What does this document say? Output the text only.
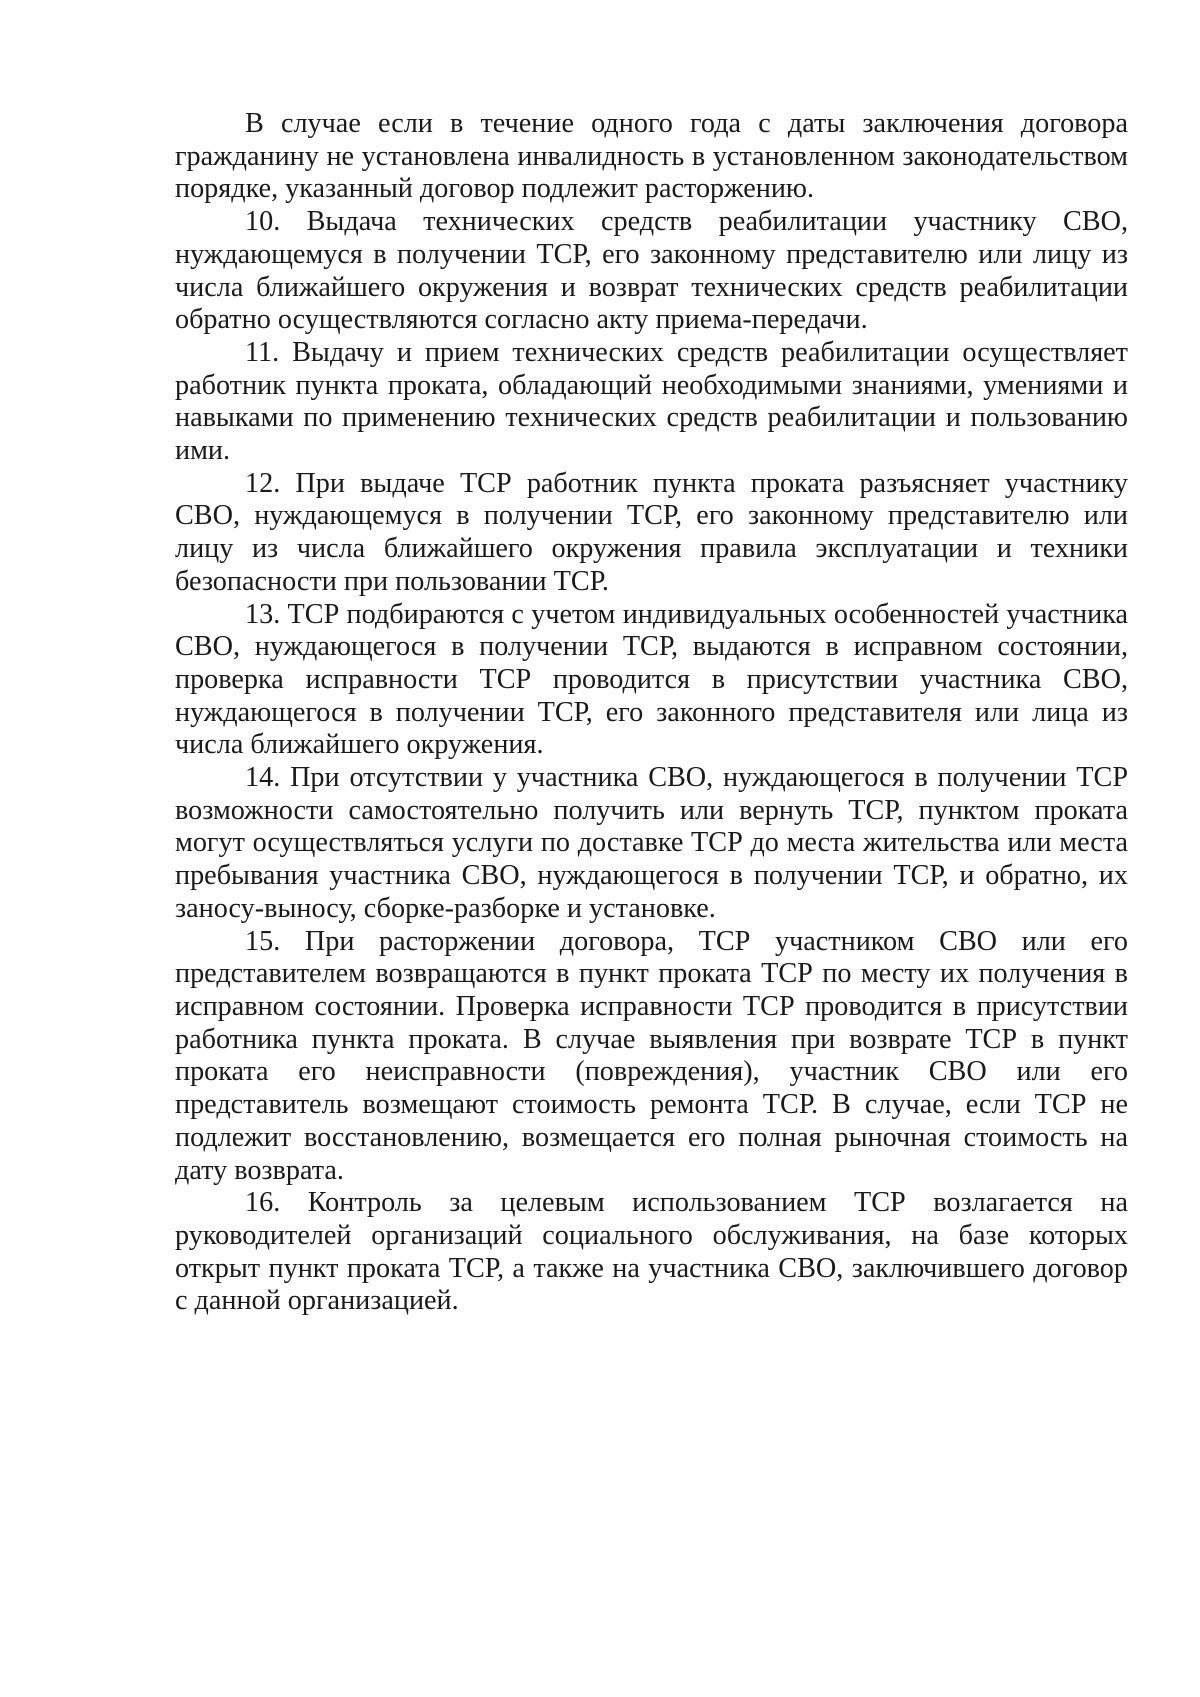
В случае если в течение одного года с даты заключения договора гражданину не установлена инвалидность в установленном законодательством порядке, указанный договор подлежит расторжению.

10. Выдача технических средств реабилитации участнику СВО, нуждающемуся в получении ТСР, его законному представителю или лицу из числа ближайшего окружения и возврат технических средств реабилитации обратно осуществляются согласно акту приема-передачи.

11. Выдачу и прием технических средств реабилитации осуществляет работник пункта проката, обладающий необходимыми знаниями, умениями и навыками по применению технических средств реабилитации и пользованию ими.

12. При выдаче ТСР работник пункта проката разъясняет участнику СВО, нуждающемуся в получении ТСР, его законному представителю или лицу из числа ближайшего окружения правила эксплуатации и техники безопасности при пользовании ТСР.

13. ТСР подбираются с учетом индивидуальных особенностей участника СВО, нуждающегося в получении ТСР, выдаются в исправном состоянии, проверка исправности ТСР проводится в присутствии участника СВО, нуждающегося в получении ТСР, его законного представителя или лица из числа ближайшего окружения.

14. При отсутствии у участника СВО, нуждающегося в получении ТСР возможности самостоятельно получить или вернуть ТСР, пунктом проката могут осуществляться услуги по доставке ТСР до места жительства или места пребывания участника СВО, нуждающегося в получении ТСР, и обратно, их заносу-выносу, сборке-разборке и установке.

15. При расторжении договора, ТСР участником СВО или его представителем возвращаются в пункт проката ТСР по месту их получения в исправном состоянии. Проверка исправности ТСР проводится в присутствии работника пункта проката. В случае выявления при возврате ТСР в пункт проката его неисправности (повреждения), участник СВО или его представитель возмещают стоимость ремонта ТСР. В случае, если ТСР не подлежит восстановлению, возмещается его полная рыночная стоимость на дату возврата.

16. Контроль за целевым использованием ТСР возлагается на руководителей организаций социального обслуживания, на базе которых открыт пункт проката ТСР, а также на участника СВО, заключившего договор с данной организацией.
